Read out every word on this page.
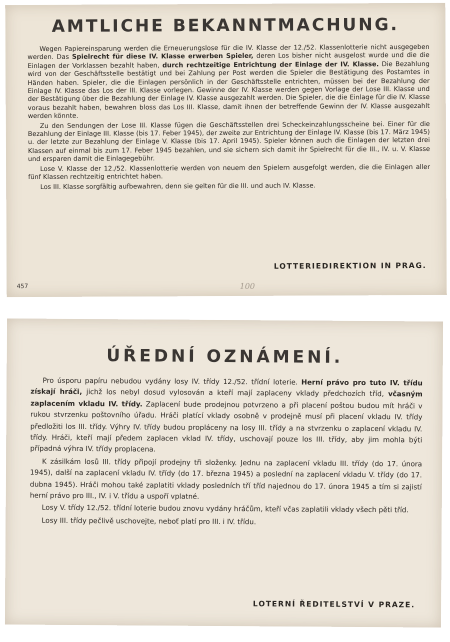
AMTLICHE BEKANNTMACHUNG.

Wegen Papiereinsparung werden die Erneuerungslose für die IV. Klasse der 12./52. Klassenlotterie nicht ausgegeben werden. Das Spielrecht für diese IV. Klasse erwerben Spieler, deren Los bisher nicht ausgelost wurde und die die Einlagen der Vorklassen bezahlt haben, durch rechtzeitige Entrichtung der Einlage der IV. Klasse. Die Bezahlung wird von der Geschäftsstelle bestätigt und bei Zahlung per Post werden die Spieler die Bestätigung des Postamtes in Händen haben. Spieler, die die Einlagen persönlich in der Geschäftsstelle entrichten, müssen bei der Bezahlung der Einlage IV. Klasse das Los der III. Klasse vorlegen. Gewinne der IV. Klasse werden gegen Vorlage der Lose III. Klasse und der Bestätigung über die Bezahlung der Einlage IV. Klasse ausgezahlt werden. Die Spieler, die die Einlage für die IV. Klasse voraus bezahlt haben, bewahren bloss das Los III. Klasse, damit ihnen der betreffende Gewinn der IV. Klasse ausgezahlt werden könnte.

Zu den Sendungen der Lose III. Klasse fügen die Geschäftsstellen drei Scheckeinzahlungsscheine bei. Einer für die Bezahlung der Einlage III. Klasse (bis 17. Feber 1945), der zweite zur Entrichtung der Einlage IV. Klasse (bis 17. März 1945) u. der letzte zur Bezahlung der Einlage V. Klasse (bis 17. April 1945). Spieler können auch die Einlagen der letzten drei Klassen auf einmal bis zum 17. Feber 1945 bezahlen, und sie sichern sich damit ihr Spielrecht für die III., IV. u. V. Klasse und ersparen damit die Einlagegebühr.

Lose V. Klasse der 12./52. Klassenlotterie werden von neuem den Spielern ausgefolgt werden, die die Einlagen aller fünf Klassen rechtzeitig entrichtet haben.

Los III. Klasse sorgfältig aufbewahren, denn sie gelten für die III. und auch IV. Klasse.

LOTTERIEDIREKTION IN PRAG.
457	100
ÚŘEDNÍ OZNÁMENÍ.

Pro úsporu papíru nebudou vydány losy IV. třídy 12./52. třídní loterie. Herní právo pro tuto IV. třídu získají hráči, jichž los nebyl dosud vylosován a kteří mají zaplaceny vklady předchozích tříd, včasným zaplacením vkladu IV. třídy. Zaplacení bude prodejnou potvrzeno a při placení poštou budou mít hráči v rukou stvrzenku poštovního úřadu. Hráči platící vklady osobně v prodejně musí při placení vkladu IV. třídy předložiti los III. třídy. Výhry IV. třídy budou propláceny na losy III. třídy a na stvrzenku o zaplacení vkladu IV. třídy. Hráči, kteří mají předem zaplacen vklad IV. třídy, uschovají pouze los III. třídy, aby jim mohla býti případná výhra IV. třídy proplacena.

K zásilkám losů III. třídy připojí prodejny tři složenky. Jednu na zaplacení vkladu III. třídy (do 17. února 1945), další na zaplacení vkladu IV. třídy (do 17. března 1945) a poslední na zaplacení vkladu V. třídy (do 17. dubna 1945). Hráči mohou také zaplatiti vklady posledních tří tříd najednou do 17. února 1945 a tím si zajistí herní právo pro III., IV. i V. třídu a uspoří vplatné.

Losy V. třídy 12./52. třídní loterie budou znovu vydány hráčům, kteří včas zaplatili vklady všech pěti tříd.

Losy III. třídy pečlivě uschovejte, neboť platí pro III. i IV. třídu.

LOTERNÍ ŘEDITELSTVÍ V PRAZE.
